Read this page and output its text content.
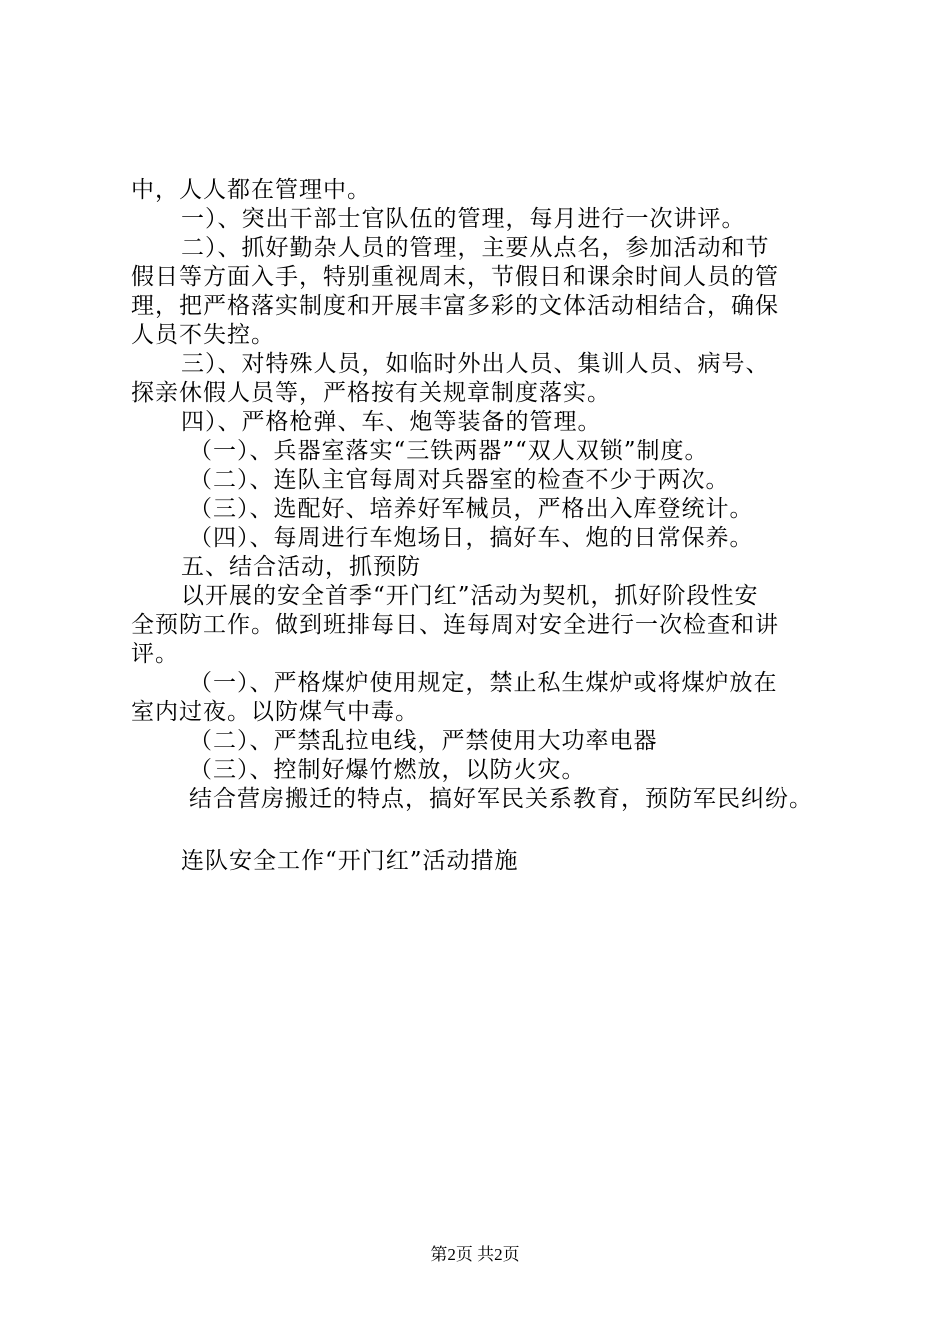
中，人人都在管理中。
一）、突出干部士官队伍的管理，每月进行一次讲评。
二）、抓好勤杂人员的管理，主要从点名，参加活动和节
假日等方面入手，特别重视周末，节假日和课余时间人员的管
理，把严格落实制度和开展丰富多彩的文体活动相结合，确保
人员不失控。
三）、对特殊人员，如临时外出人员、集训人员、病号、
探亲休假人员等，严格按有关规章制度落实。
四）、严格枪弹、车、炮等装备的管理。
（一）、兵器室落实“三铁两器”“双人双锁”制度。
（二）、连队主官每周对兵器室的检查不少于两次。
（三）、选配好、培养好军械员，严格出入库登统计。
（四）、每周进行车炮场日，搞好车、炮的日常保养。
五、结合活动，抓预防
以开展的安全首季“开门红”活动为契机，抓好阶段性安
全预防工作。做到班排每日、连每周对安全进行一次检查和讲
评。
（一）、严格煤炉使用规定，禁止私生煤炉或将煤炉放在
室内过夜。以防煤气中毒。
（二）、严禁乱拉电线，严禁使用大功率电器
（三）、控制好爆竹燃放，以防火灾。
结合营房搬迁的特点，搞好军民关系教育，预防军民纠纷。
连队安全工作“开门红”活动措施
第2页 共2页
